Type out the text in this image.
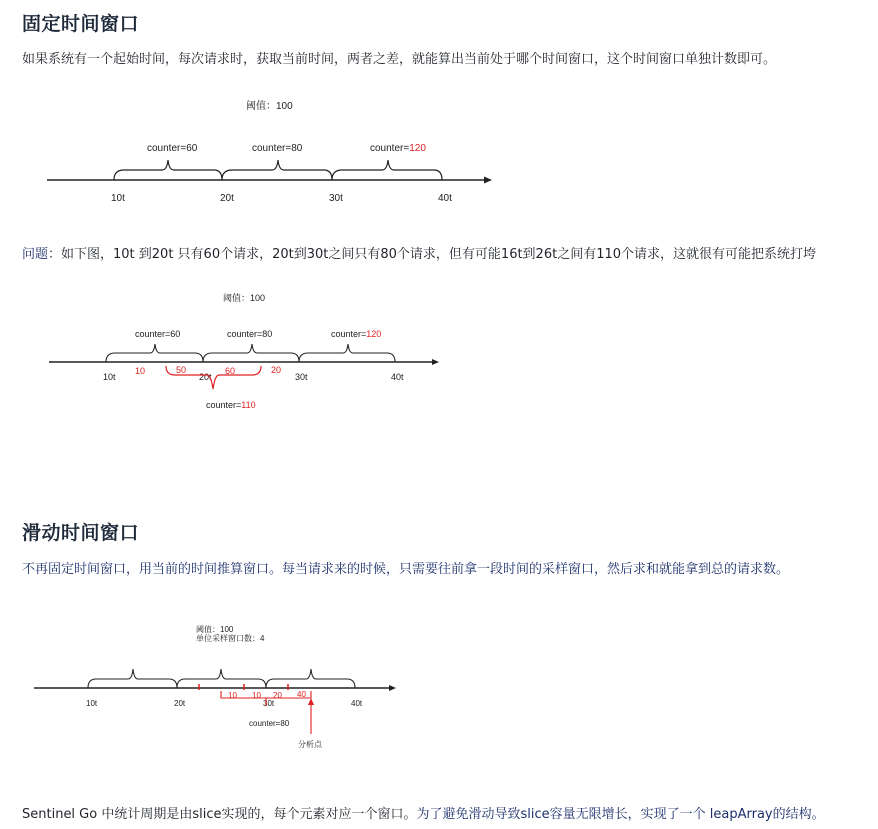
固定时间窗口

如果系统有一个起始时间，每次请求时，获取当前时间，两者之差，就能算出当前处于哪个时间窗口，这个时间窗口单独计数即可。

阈值：100
counter=60	counter=80	counter=120
10t	20t	30t	40t

问题：如下图，10t 到20t 只有60个请求，20t到30t之间只有80个请求，但有可能16t到26t之间有110个请求，这就很有可能把系统打垮

阈值：100
counter=60	counter=80	counter=120
10t	20t	30t	40t
10	50	60	20
counter=110
滑动时间窗口

不再固定时间窗口，用当前的时间推算窗口。每当请求来的时候，只需要往前拿一段时间的采样窗口，然后求和就能拿到总的请求数。

阈值：100
单位采样窗口数：4
10t	20t	30t	40t
10 10 20 40
counter=80
分析点

Sentinel Go 中统计周期是由slice实现的，每个元素对应一个窗口。为了避免滑动导致slice容量无限增长，实现了一个 leapArray的结构。
